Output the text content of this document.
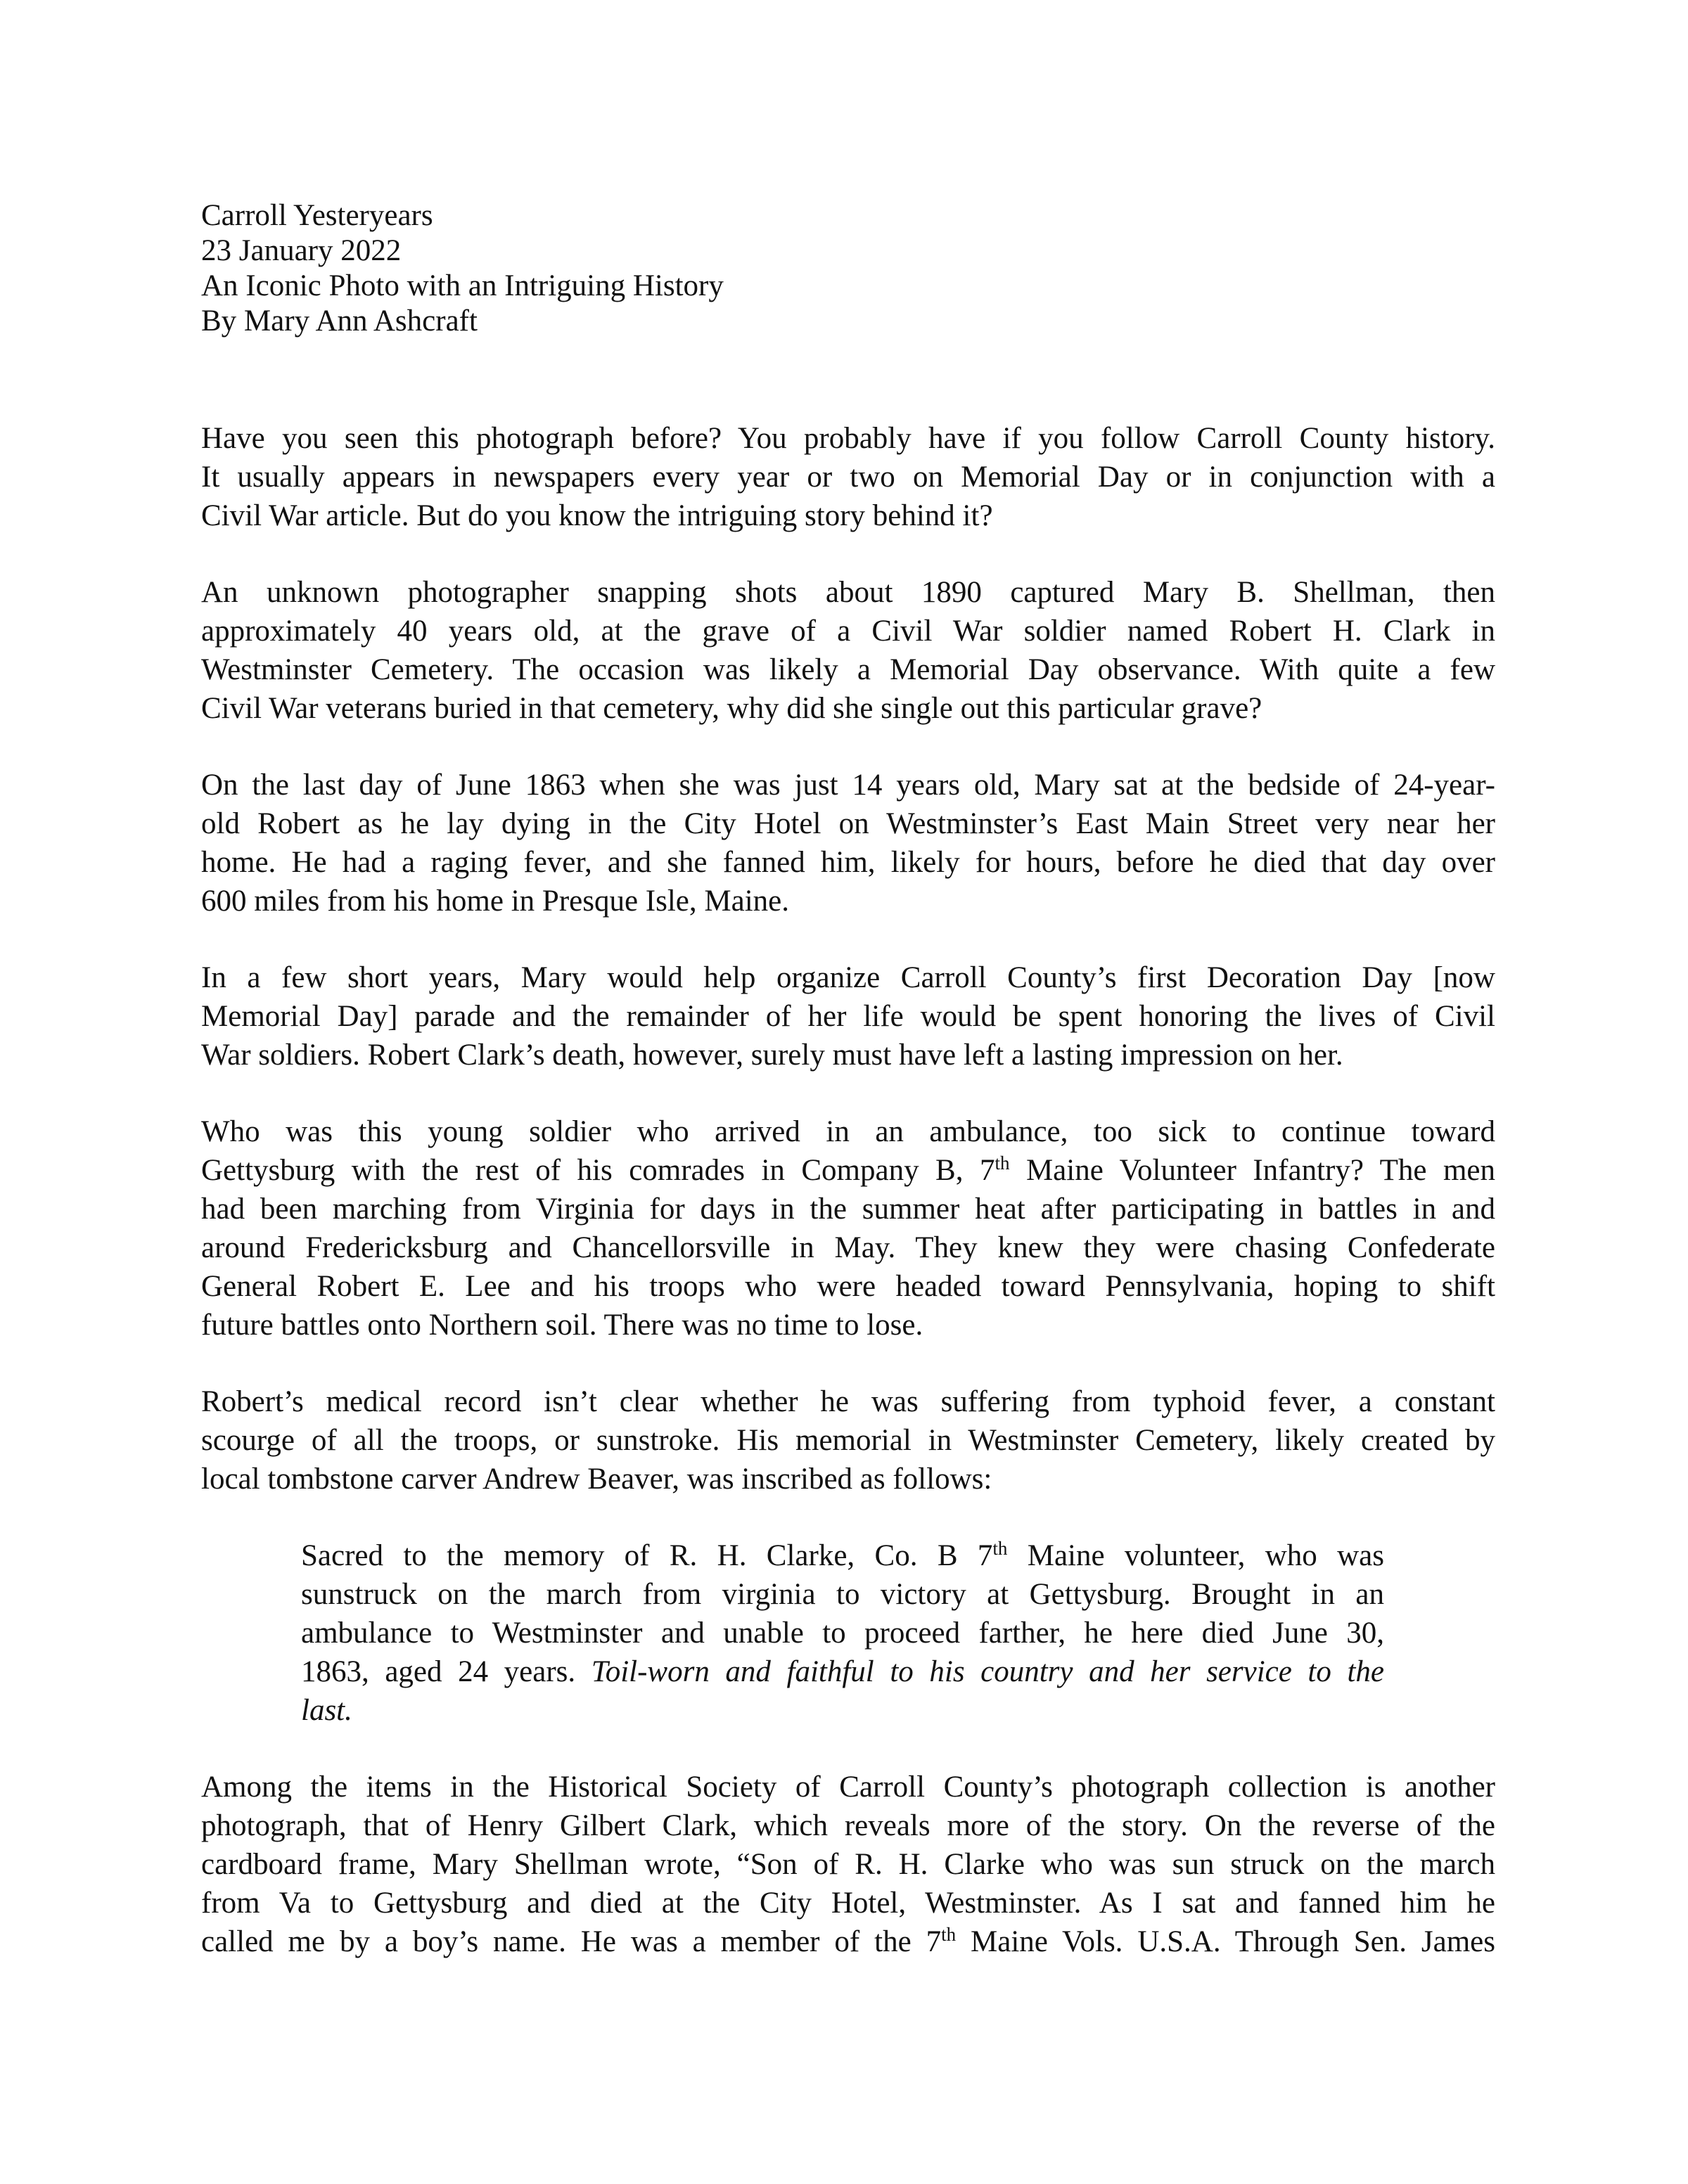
Carroll Yesteryears

23 January 2022

An Iconic Photo with an Intriguing History

By Mary Ann Ashcraft

Have you seen this photograph before? You probably have if you follow Carroll County history.
It usually appears in newspapers every year or two on Memorial Day or in conjunction with a
Civil War article. But do you know the intriguing story behind it?

An unknown photographer snapping shots about 1890 captured Mary B. Shellman, then
approximately 40 years old, at the grave of a Civil War soldier named Robert H. Clark in
Westminster Cemetery. The occasion was likely a Memorial Day observance. With quite a few
Civil War veterans buried in that cemetery, why did she single out this particular grave?

On the last day of June 1863 when she was just 14 years old, Mary sat at the bedside of 24-year-
old Robert as he lay dying in the City Hotel on Westminster’s East Main Street very near her
home. He had a raging fever, and she fanned him, likely for hours, before he died that day over
600 miles from his home in Presque Isle, Maine.

In a few short years, Mary would help organize Carroll County’s first Decoration Day [now
Memorial Day] parade and the remainder of her life would be spent honoring the lives of Civil
War soldiers. Robert Clark’s death, however, surely must have left a lasting impression on her.

Who was this young soldier who arrived in an ambulance, too sick to continue toward
Gettysburg with the rest of his comrades in Company B, 7th Maine Volunteer Infantry? The men
had been marching from Virginia for days in the summer heat after participating in battles in and
around Fredericksburg and Chancellorsville in May. They knew they were chasing Confederate
General Robert E. Lee and his troops who were headed toward Pennsylvania, hoping to shift
future battles onto Northern soil. There was no time to lose.

Robert’s medical record isn’t clear whether he was suffering from typhoid fever, a constant
scourge of all the troops, or sunstroke. His memorial in Westminster Cemetery, likely created by
local tombstone carver Andrew Beaver, was inscribed as follows:

Sacred to the memory of R. H. Clarke, Co. B 7th Maine volunteer, who was
sunstruck on the march from virginia to victory at Gettysburg. Brought in an
ambulance to Westminster and unable to proceed farther, he here died June 30,
1863, aged 24 years. Toil-worn and faithful to his country and her service to the
last.

Among the items in the Historical Society of Carroll County’s photograph collection is another
photograph, that of Henry Gilbert Clark, which reveals more of the story. On the reverse of the
cardboard frame, Mary Shellman wrote, “Son of R. H. Clarke who was sun struck on the march
from Va to Gettysburg and died at the City Hotel, Westminster. As I sat and fanned him he
called me by a boy’s name. He was a member of the 7th Maine Vols. U.S.A. Through Sen. James
